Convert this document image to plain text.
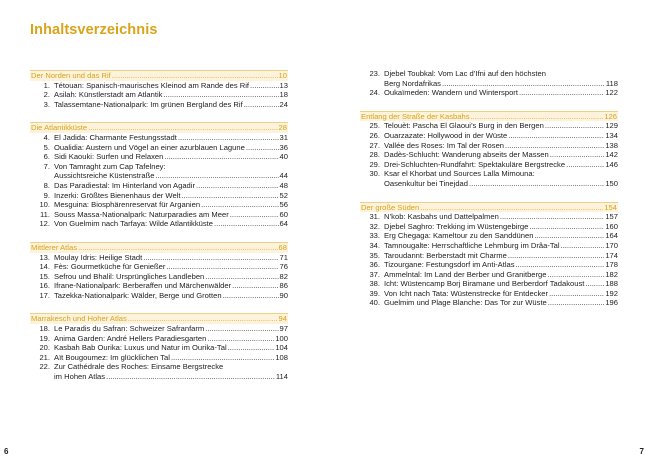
Inhaltsverzeichnis
Der Norden und das Rif .....	10
1. Tétouan: Spanisch-maurisches Kleinod am Rande des Rif .....	13
2. Asilah: Künstlerstadt am Atlantik .....	18
3. Talassemtane-Nationalpark: Im grünen Bergland des Rif .....	24
Die Atlantikküste .....	28
4. El Jadida: Charmante Festungsstadt .....	31
5. Oualidia: Austern und Vögel an einer azurblauen Lagune .....	36
6. Sidi Kaouki: Surfen und Relaxen .....	40
7. Von Tamraght zum Cap Tafelney:
Aussichtsreiche Küstenstraße .....	44
8. Das Paradiestal: Im Hinterland von Agadir .....	48
9. Inzerki: Größtes Bienenhaus der Welt .....	52
10. Mesguina: Biosphärenreservat für Arganien .....	56
11. Souss Massa-Nationalpark: Naturparadies am Meer .....	60
12. Von Guelmim nach Tarfaya: Wilde Atlantikküste .....	64
Mittlerer Atlas .....	68
13. Moulay Idris: Heilige Stadt .....	71
14. Fès: Gourmetküche für Genießer .....	76
15. Sefrou und Bhalil: Ursprüngliches Landleben .....	82
16. Ifrane-Nationalpark: Berberaffen und Märchenwälder .....	86
17. Tazekka-Nationalpark: Wälder, Berge und Grotten .....	90
Marrakesch und Hoher Atlas .....	94
18. Le Paradis du Safran: Schweizer Safranfarm .....	97
19. Anima Garden: André Hellers Paradiesgarten .....	100
20. Kasbah Bab Ourika: Luxus und Natur im Ourika-Tal .....	104
21. Aït Bougoumez: Im glücklichen Tal .....	108
22. Zur Cathédrale des Roches: Einsame Bergstrecke
im Hohen Atlas .....	114
23. Djebel Toubkal: Vom Lac d’Ifni auf den höchsten
Berg Nordafrikas .....	118
24. Oukaïmeden: Wandern und Wintersport .....	122
Entlang der Straße der Kasbahs .....	126
25. Telouèt: Pascha El Glaoui’s Burg in den Bergen .....	129
26. Ouarzazate: Hollywood in der Wüste .....	134
27. Vallée des Roses: Im Tal der Rosen .....	138
28. Dadès-Schlucht: Wanderung abseits der Massen .....	142
29. Drei-Schluchten-Rundfahrt: Spektakuläre Bergstrecke .....	146
30. Ksar el Khorbat und Sources Lalla Mimouna:
Oasenkultur bei Tinejdad .....	150
Der große Süden .....	154
31. N’kob: Kasbahs und Dattelpalmen .....	157
32. Djebel Saghro: Trekking im Wüstengebirge .....	160
33. Erg Chegaga: Kameltour zu den Sanddünen .....	164
34. Tamnougalte: Herrschaftliche Lehmburg im Drâa-Tal .....	170
35. Taroudannt: Berberstadt mit Charme .....	174
36. Tizourgane: Festungsdorf im Anti-Atlas .....	178
37. Ammelntal: Im Land der Berber und Granitberge .....	182
38. Icht: Wüstencamp Borj Biramane und Berberdorf Tadakoust .....	188
39. Von Icht nach Tata: Wüstenstrecke für Entdecker .....	192
40. Guelmim und Plage Blanche: Das Tor zur Wüste .....	196
6	7
